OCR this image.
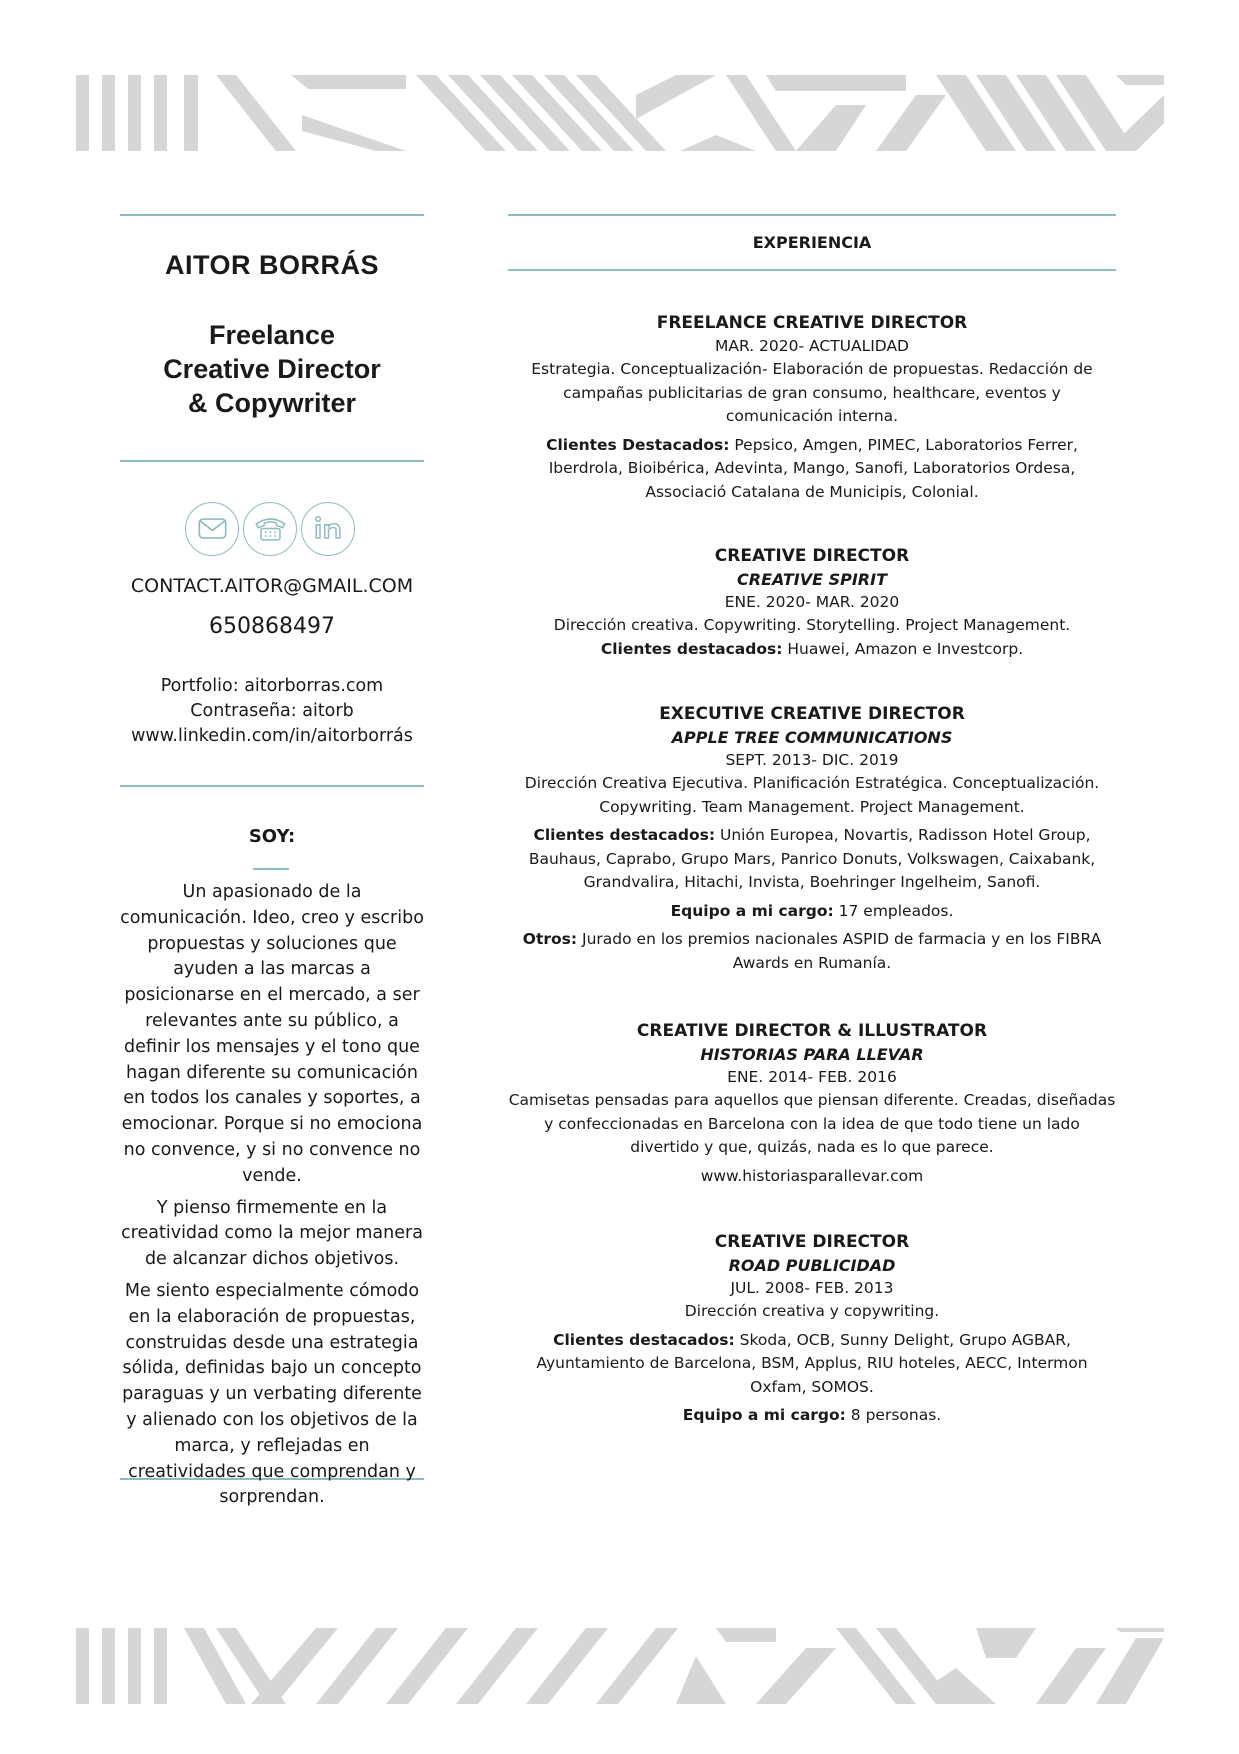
AITOR BORRÁS
Freelance
Creative Director
& Copywriter
CONTACT.AITOR@GMAIL.COM
650868497
Portfolio: aitorborras.com
Contraseña: aitorb
www.linkedin.com/in/aitorborrás
SOY:

Un apasionado de la comunicación. Ideo, creo y escribo propuestas y soluciones que ayuden a las marcas a posicionarse en el mercado, a ser relevantes ante su público, a definir los mensajes y el tono que hagan diferente su comunicación en todos los canales y soportes, a emocionar. Porque si no emociona no convence, y si no convence no vende.

Y pienso firmemente en la creatividad como la mejor manera de alcanzar dichos objetivos.

Me siento especialmente cómodo en la elaboración de propuestas, construidas desde una estrategia sólida, definidas bajo un concepto paraguas y un verbating diferente y alienado con los objetivos de la marca, y reflejadas en creatividades que comprendan y sorprendan.

EXPERIENCIA

FREELANCE CREATIVE DIRECTOR

MAR. 2020- ACTUALIDAD

Estrategia. Conceptualización- Elaboración de propuestas. Redacción de campañas publicitarias de gran consumo, healthcare, eventos y comunicación interna.

Clientes Destacados: Pepsico, Amgen, PIMEC, Laboratorios Ferrer, Iberdrola, Bioibérica, Adevinta, Mango, Sanofi, Laboratorios Ordesa, Associació Catalana de Municipis, Colonial.

CREATIVE DIRECTOR

CREATIVE SPIRIT

ENE. 2020- MAR. 2020

Dirección creativa. Copywriting. Storytelling. Project Management.

Clientes destacados: Huawei, Amazon e Investcorp.

EXECUTIVE CREATIVE DIRECTOR

APPLE TREE COMMUNICATIONS

SEPT. 2013- DIC. 2019

Dirección Creativa Ejecutiva. Planificación Estratégica. Conceptualización. Copywriting. Team Management. Project Management.

Clientes destacados: Unión Europea, Novartis, Radisson Hotel Group, Bauhaus, Caprabo, Grupo Mars, Panrico Donuts, Volkswagen, Caixabank, Grandvalira, Hitachi, Invista, Boehringer Ingelheim, Sanofi.

Equipo a mi cargo: 17 empleados.

Otros: Jurado en los premios nacionales ASPID de farmacia y en los FIBRA Awards en Rumanía.

CREATIVE DIRECTOR & ILLUSTRATOR

HISTORIAS PARA LLEVAR

ENE. 2014- FEB. 2016

Camisetas pensadas para aquellos que piensan diferente. Creadas, diseñadas y confeccionadas en Barcelona con la idea de que todo tiene un lado divertido y que, quizás, nada es lo que parece.

www.historiasparallevar.com

CREATIVE DIRECTOR

ROAD PUBLICIDAD

JUL. 2008- FEB. 2013

Dirección creativa y copywriting.

Clientes destacados: Skoda, OCB, Sunny Delight, Grupo AGBAR, Ayuntamiento de Barcelona, BSM, Applus, RIU hoteles, AECC, Intermon Oxfam, SOMOS.

Equipo a mi cargo: 8 personas.
